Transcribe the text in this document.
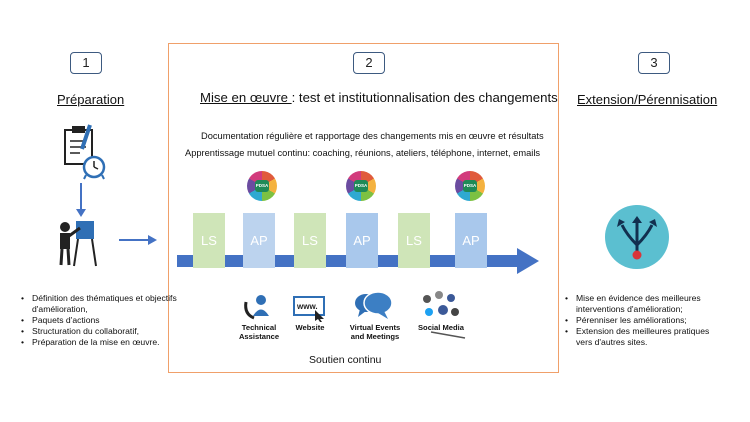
1	2	3
Préparation	Extension/Pérennisation
Mise en œuvre : test et institutionnalisation des changements
Documentation régulière et rapportage des changements mis en œuvre et résultats
Apprentissage mutuel continu: coaching, réunions, ateliers, téléphone, internet, emails
LS	AP	LS	AP	LS	AP
PDSA	PDSA	PDSA
www.
Technical Assistance
Website	Virtual Events and Meetings
Social Media
Soutien continu
• Définition des thématiques et objectifs d'amélioration,
• Paquets d'actions
• Structuration du collaboratif,
• Préparation de la mise en œuvre.
• Mise en évidence des meilleures interventions d'amélioration;
• Pérenniser les améliorations;
• Extension des meilleures pratiques vers d'autres sites.
